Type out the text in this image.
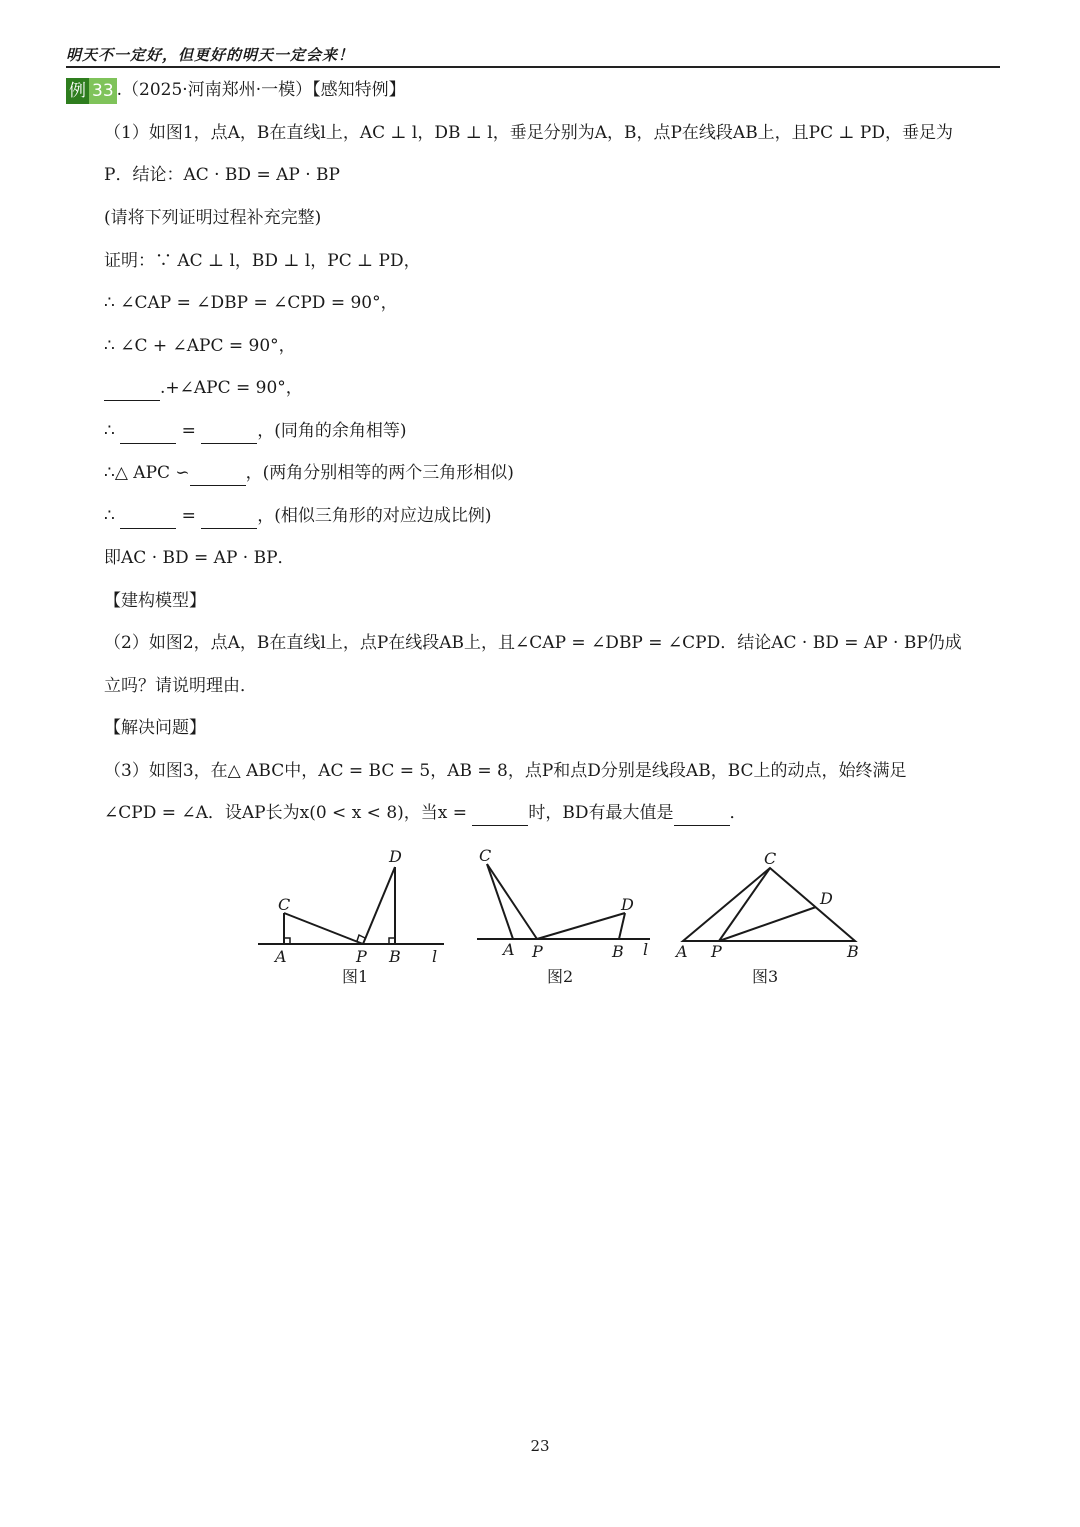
明天不一定好，但更好的明天一定会来！
例 33 .（2025·河南郑州·一模）【感知特例】
（1）如图1，点A，B在直线l上，AC ⊥ l，DB ⊥ l，垂足分别为A，B，点P在线段AB上，且PC ⊥ PD，垂足为
P．结论：AC · BD = AP · BP
(请将下列证明过程补充完整)
证明：∵ AC ⊥ l，BD ⊥ l，PC ⊥ PD，
∴ ∠CAP = ∠DBP = ∠CPD = 90°，
∴ ∠C + ∠APC = 90°，
.+∠APC = 90°，
∴	=	，(同角的余角相等)
∴△ APC ∽	，(两角分别相等的两个三角形相似)
∴	=	，(相似三角形的对应边成比例)
即AC · BD = AP · BP．
【建构模型】
（2）如图2，点A，B在直线l上，点P在线段AB上，且∠CAP = ∠DBP = ∠CPD．结论AC · BD = AP · BP仍成
立吗？请说明理由．
【解决问题】
（3）如图3，在△ ABC中，AC = BC = 5，AB = 8，点P和点D分别是线段AB，BC上的动点，始终满足
∠CPD = ∠A．设AP长为x(0 < x < 8)，当x =	时，BD有最大值是	．
C
D
A	P B l
图1
C
D
A P	B l
图2
C
D
A P	B
图3
23
